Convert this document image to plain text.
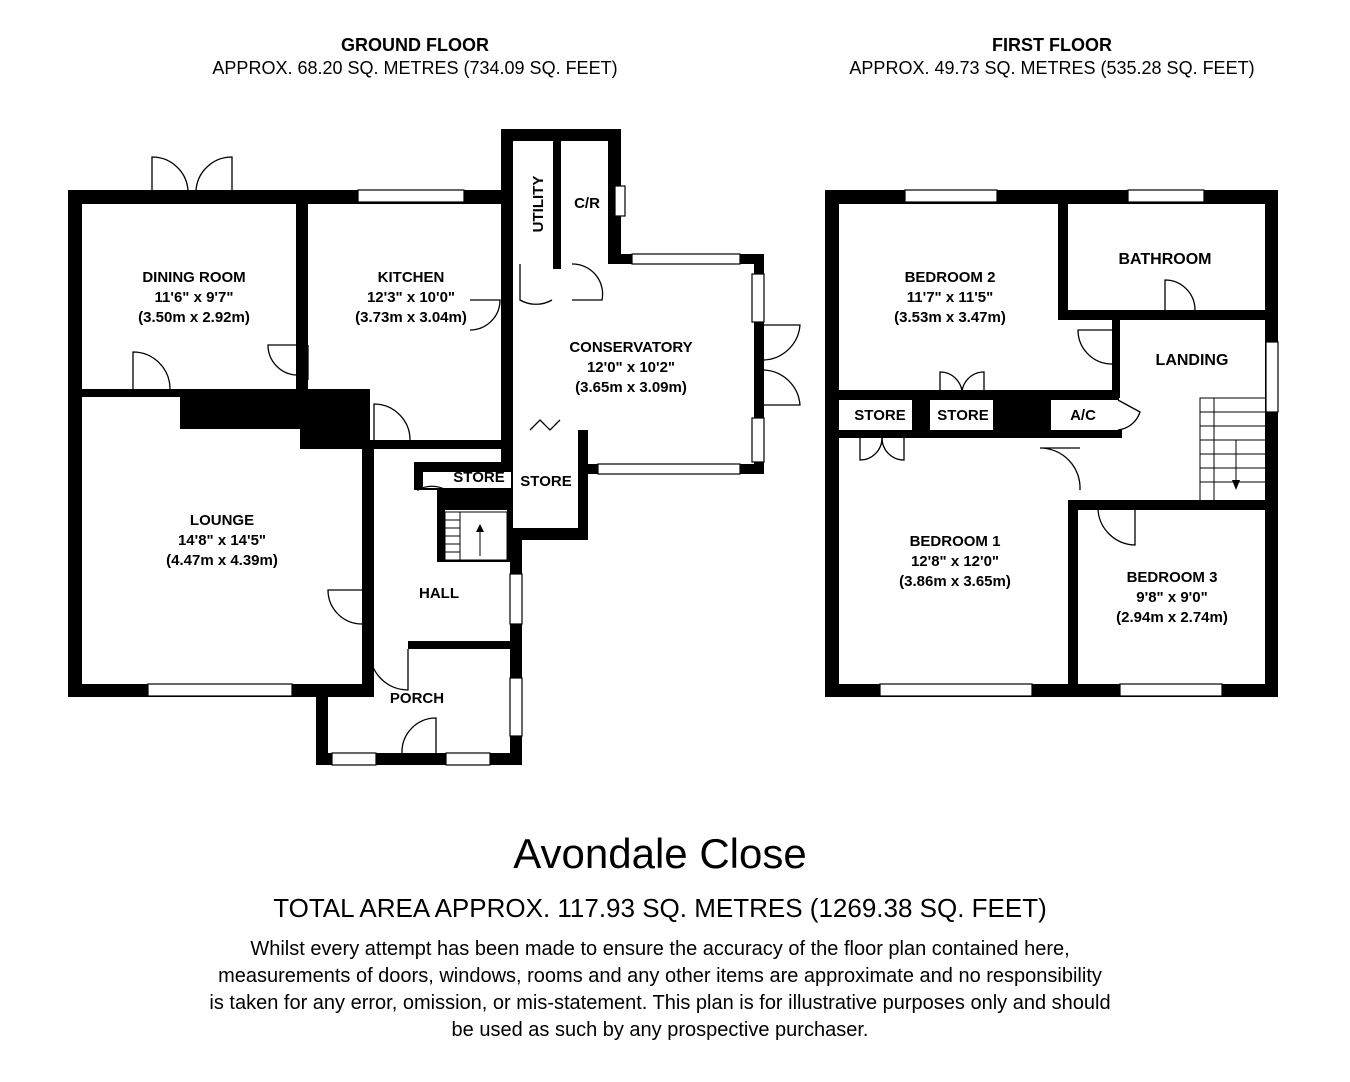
GROUND FLOOR
APPROX. 68.20 SQ. METRES (734.09 SQ. FEET)
FIRST FLOOR
APPROX. 49.73 SQ. METRES (535.28 SQ. FEET)
DINING ROOM
11'6" x 9'7"
(3.50m x 2.92m)
KITCHEN
12'3" x 10'0"
(3.73m x 3.04m)
UTILITY C/R
CONSERVATORY
12'0" x 10'2"
(3.65m x 3.09m)
LOUNGE
14'8" x 14'5"
(4.47m x 4.39m)
STORE STORE
HALL
PORCH
BEDROOM 2
11'7" x 11'5"
(3.53m x 3.47m)
BATHROOM
LANDING
STORE STORE	A/C
BEDROOM 1
12'8" x 12'0"
(3.86m x 3.65m)	BEDROOM 3
9'8" x 9'0"
(2.94m x 2.74m)
Avondale Close
TOTAL AREA APPROX. 117.93 SQ. METRES (1269.38 SQ. FEET)
Whilst every attempt has been made to ensure the accuracy of the floor plan contained here,
measurements of doors, windows, rooms and any other items are approximate and no responsibility
is taken for any error, omission, or mis-statement. This plan is for illustrative purposes only and should
be used as such by any prospective purchaser.
